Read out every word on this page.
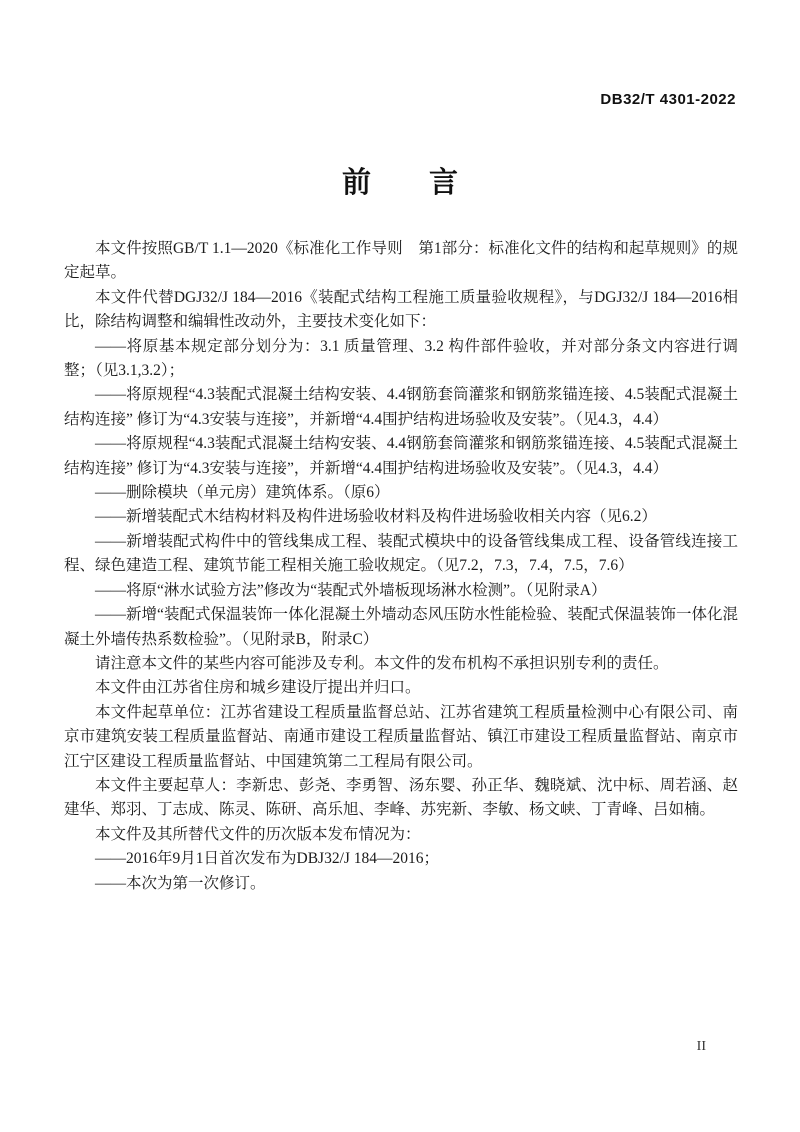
DB32/T 4301-2022
前　　言

本文件按照GB/T 1.1—2020《标准化工作导则　第1部分：标准化文件的结构和起草规则》的规定起草。

本文件代替DGJ32/J 184—2016《装配式结构工程施工质量验收规程》，与DGJ32/J 184—2016相比，除结构调整和编辑性改动外，主要技术变化如下：

——将原基本规定部分划分为：3.1 质量管理、3.2 构件部件验收，并对部分条文内容进行调整；（见3.1,3.2）；

——将原规程“4.3装配式混凝土结构安装、4.4钢筋套筒灌浆和钢筋浆锚连接、4.5装配式混凝土结构连接” 修订为“4.3安装与连接”，并新增“4.4围护结构进场验收及安装”。（见4.3，4.4）

——将原规程“4.3装配式混凝土结构安装、4.4钢筋套筒灌浆和钢筋浆锚连接、4.5装配式混凝土结构连接” 修订为“4.3安装与连接”，并新增“4.4围护结构进场验收及安装”。（见4.3，4.4）

——删除模块（单元房）建筑体系。（原6）

——新增装配式木结构材料及构件进场验收材料及构件进场验收相关内容（见6.2）

——新增装配式构件中的管线集成工程、装配式模块中的设备管线集成工程、设备管线连接工程、绿色建造工程、建筑节能工程相关施工验收规定。（见7.2，7.3，7.4，7.5，7.6）

——将原“淋水试验方法”修改为“装配式外墙板现场淋水检测”。（见附录A）

——新增“装配式保温装饰一体化混凝土外墙动态风压防水性能检验、装配式保温装饰一体化混凝土外墙传热系数检验”。（见附录B，附录C）

请注意本文件的某些内容可能涉及专利。本文件的发布机构不承担识别专利的责任。

本文件由江苏省住房和城乡建设厅提出并归口。

本文件起草单位：江苏省建设工程质量监督总站、江苏省建筑工程质量检测中心有限公司、南京市建筑安装工程质量监督站、南通市建设工程质量监督站、镇江市建设工程质量监督站、南京市江宁区建设工程质量监督站、中国建筑第二工程局有限公司。

本文件主要起草人：李新忠、彭尧、李勇智、汤东婴、孙正华、魏晓斌、沈中标、周若涵、赵建华、郑羽、丁志成、陈灵、陈研、高乐旭、李峰、苏宪新、李敏、杨文峡、丁青峰、吕如楠。

本文件及其所替代文件的历次版本发布情况为：

——2016年9月1日首次发布为DBJ32/J 184—2016；

——本次为第一次修订。

II
